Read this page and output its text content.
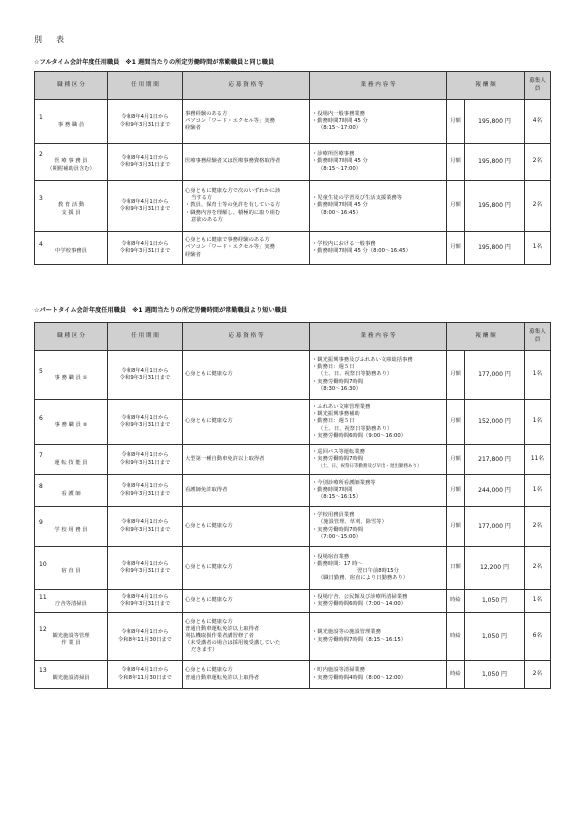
別　表
☆フルタイム会計年度任用職員　※1 週間当たりの所定労働時間が常勤職員と同じ職員
職 種 区 分	任 用 期 間	応 募 資 格 等	業 務 内 容 等	報 酬 額		募集人員

1
事 務 職 員	令和8年4月1日から
令和9年3月31日まで	事務経験のある方
パソコン「ワード・エクセル等」実務
経験者	・役場内一般事務業務
・勤務時間7時間 45 分
（8:15～17:00）	月額	195,800 円	4名

2
医 療 事 務 員
（期附補助員含む）	令和8年4月1日から
令和9年3月31日まで	医療事務経験者又は医療事務資格取得者	・診療所医療事務
・勤務時間7時間 45 分
（8:15～17:00）	月額	195,800 円	2名

3
教 育 活 動
支 援 員	令和8年4月1日から
令和9年3月31日まで	心身ともに健康な方で次のいずれかに該
当する方
・教員、保育士等の免許を有している方
・職務内容を理解し、積極的に取り組む
意欲のある方	・児童生徒の学習及び生活支援業務等
・勤務時間7時間 45 分
（8:00～16:45）	月額	195,800 円	2名

4
中学校事務員	令和8年4月1日から
令和9年3月31日まで	心身ともに健康で事務経験のある方
パソコン「ワード・エクセル等」実務
経験者	・学校内における一般事務
・勤務時間7時間 45 分（8:00～16:45）	月額	195,800 円	1名
☆パートタイム会計年度任用職員　※1 週間当たりの所定労働時間が常勤職員より短い職員
職 種 区 分	任 用 期 間	応 募 資 格 等	業 務 内 容 等	報 酬 額		募集人員

5
事 務 職 員 ①	令和8年4月1日から
令和9年3月31日まで	心身ともに健康な方	・観光振興事務及びふれあい文庫総括事務
・勤務日：週５日
（土、日、祝祭日等勤務あり）
・実務労働時間7時間
（8:30～16:30）	月額	177,000 円	1名

6
事 務 職 員 ②	令和8年4月1日から
令和9年3月31日まで	心身ともに健康な方	・ふれあい文庫管理業務
・観光振興事務補助
・勤務日：週５日
（土、日、祝祭日等勤務あり）
・実務労働時間6時間（9:00～16:00）	月額	152,000 円	1名

7
運 転 技 能 員	令和8年4月1日から
令和9年3月31日まで	大型第一種自動車免許以上取得者	・巡回バス等運転業務
・実務労働時間7時間
（土、日、祝祭日等勤務及び早出・遅出勤務あり）	月額	217,800 円	11名

8
看 護 師	令和8年4月1日から
令和9年3月31日まで	看護師免許取得者	・今別診療所看護師業務等
・勤務時間7時間
（8:15～16:15）	月額	244,000 円	1名

9
学 校 用 務 員	令和8年4月1日から
令和9年3月31日まで	心身ともに健康な方	・学校用務員業務
（施設管理、草刈、除雪等）
・実務労働時間7時間
（7:00～15:00）	月額	177,000 円	2名

10
宿 直 員	令和8年4月1日から
令和9年3月31日まで	心身ともに健康な方	・役場宿直業務
・勤務時間：17 時～
翌日午前8時15分
（職日勤務、宿直により日勤務あり）	日額	12,200 円	2名

11
庁舎等清掃員	令和8年4月1日から
令和9年3月31日まで	心身ともに健康な方	・役場庁舎、公民館及び診療所清掃業務
・実務労働時間6時間（7:00～14:00）	時給	1,050 円	1名

12
観光施設等管理
作 業 員	令和8年4月1日から
令和8年11月30日まで	心身ともに健康な方
普通自動車運転免許以上取得者
刈払機取扱作業者講習修了者
（未受講者の場合は採用後受講していた
だきます）	・観光施設等の施設管理業務
・実務労働時間7時間（8:15～16:15）	時給	1,050 円	6名

13
観光施設清掃員	令和8年4月1日から
令和8年11月30日まで	心身ともに健康な方
普通自動車運転免許以上取得者	・町内施設等清掃業務
・実務労働時間4時間（8:00～12:00）	時給	1,050 円	2名
